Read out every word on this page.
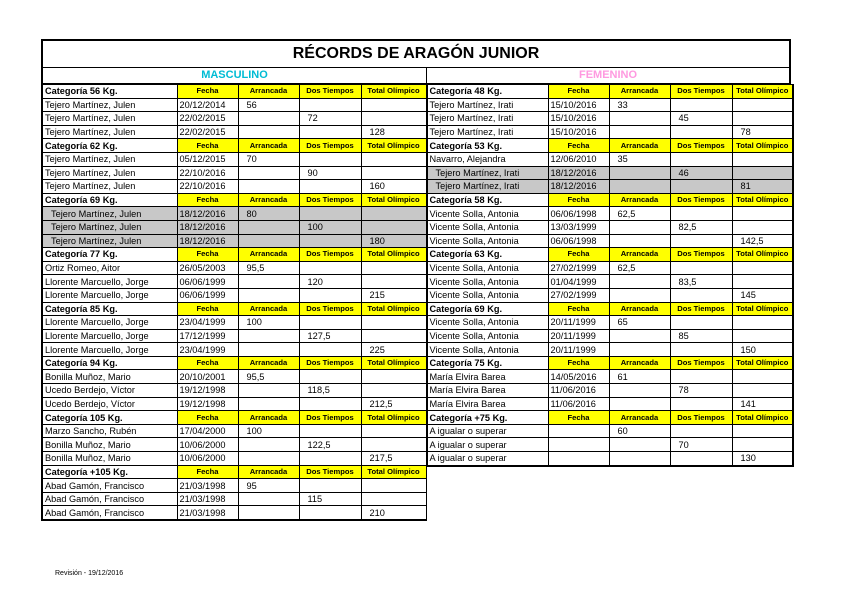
RÉCORDS DE ARAGÓN JUNIOR
MASCULINO	FEMENINO
Categoría 56 Kg.	Fecha	Arrancada	Dos Tiempos	Total Olímpico
Tejero Martínez, Julen	20/12/2014	56		
Tejero Martínez, Julen	22/02/2015		72	
Tejero Martínez, Julen	22/02/2015			128
Categoría 62 Kg.	Fecha	Arrancada	Dos Tiempos	Total Olímpico
Tejero Martínez, Julen	05/12/2015	70		
Tejero Martínez, Julen	22/10/2016		90	
Tejero Martínez, Julen	22/10/2016			160
Categoría 69 Kg.	Fecha	Arrancada	Dos Tiempos	Total Olímpico
Tejero Martínez, Julen	18/12/2016	80		
Tejero Martínez, Julen	18/12/2016		100	
Tejero Martínez, Julen	18/12/2016			180
Categoría 77 Kg.	Fecha	Arrancada	Dos Tiempos	Total Olímpico
Ortiz Romeo, Aitor	26/05/2003	95,5		
Llorente Marcuello, Jorge	06/06/1999		120	
Llorente Marcuello, Jorge	06/06/1999			215
Categoría 85 Kg.	Fecha	Arrancada	Dos Tiempos	Total Olímpico
Llorente Marcuello, Jorge	23/04/1999	100		
Llorente Marcuello, Jorge	17/12/1999		127,5	
Llorente Marcuello, Jorge	23/04/1999			225
Categoría 94 Kg.	Fecha	Arrancada	Dos Tiempos	Total Olímpico
Bonilla Muñoz, Mario	20/10/2001	95,5		
Ucedo Berdejo, Víctor	19/12/1998		118,5	
Ucedo Berdejo, Víctor	19/12/1998			212,5
Categoría 105 Kg.	Fecha	Arrancada	Dos Tiempos	Total Olímpico
Marzo Sancho, Rubén	17/04/2000	100		
Bonilla Muñoz, Mario	10/06/2000		122,5	
Bonilla Muñoz, Mario	10/06/2000			217,5
Categoría +105 Kg.	Fecha	Arrancada	Dos Tiempos	Total Olímpico
Abad Gamón, Francisco	21/03/1998	95		
Abad Gamón, Francisco	21/03/1998		115	
Abad Gamón, Francisco	21/03/1998			210
Categoría 48 Kg.	Fecha	Arrancada	Dos Tiempos	Total Olímpico
Tejero Martínez, Irati	15/10/2016	33		
Tejero Martínez, Irati	15/10/2016		45	
Tejero Martínez, Irati	15/10/2016			78
Categoría 53 Kg.	Fecha	Arrancada	Dos Tiempos	Total Olímpico
Navarro, Alejandra	12/06/2010	35		
Tejero Martínez, Irati	18/12/2016		46	
Tejero Martínez, Irati	18/12/2016			81
Categoría 58 Kg.	Fecha	Arrancada	Dos Tiempos	Total Olímpico
Vicente Solla, Antonia	06/06/1998	62,5		
Vicente Solla, Antonia	13/03/1999		82,5	
Vicente Solla, Antonia	06/06/1998			142,5
Categoría 63 Kg.	Fecha	Arrancada	Dos Tiempos	Total Olímpico
Vicente Solla, Antonia	27/02/1999	62,5		
Vicente Solla, Antonia	01/04/1999		83,5	
Vicente Solla, Antonia	27/02/1999			145
Categoría 69 Kg.	Fecha	Arrancada	Dos Tiempos	Total Olímpico
Vicente Solla, Antonia	20/11/1999	65		
Vicente Solla, Antonia	20/11/1999		85	
Vicente Solla, Antonia	20/11/1999			150
Categoría 75 Kg.	Fecha	Arrancada	Dos Tiempos	Total Olímpico
María Elvira Barea	14/05/2016	61		
María Elvira Barea	11/06/2016		78	
María Elvira Barea	11/06/2016			141
Categoría +75 Kg.	Fecha	Arrancada	Dos Tiempos	Total Olímpico
A igualar o superar		60		
A igualar o superar			70	
A igualar o superar				130
Revisión - 19/12/2016
